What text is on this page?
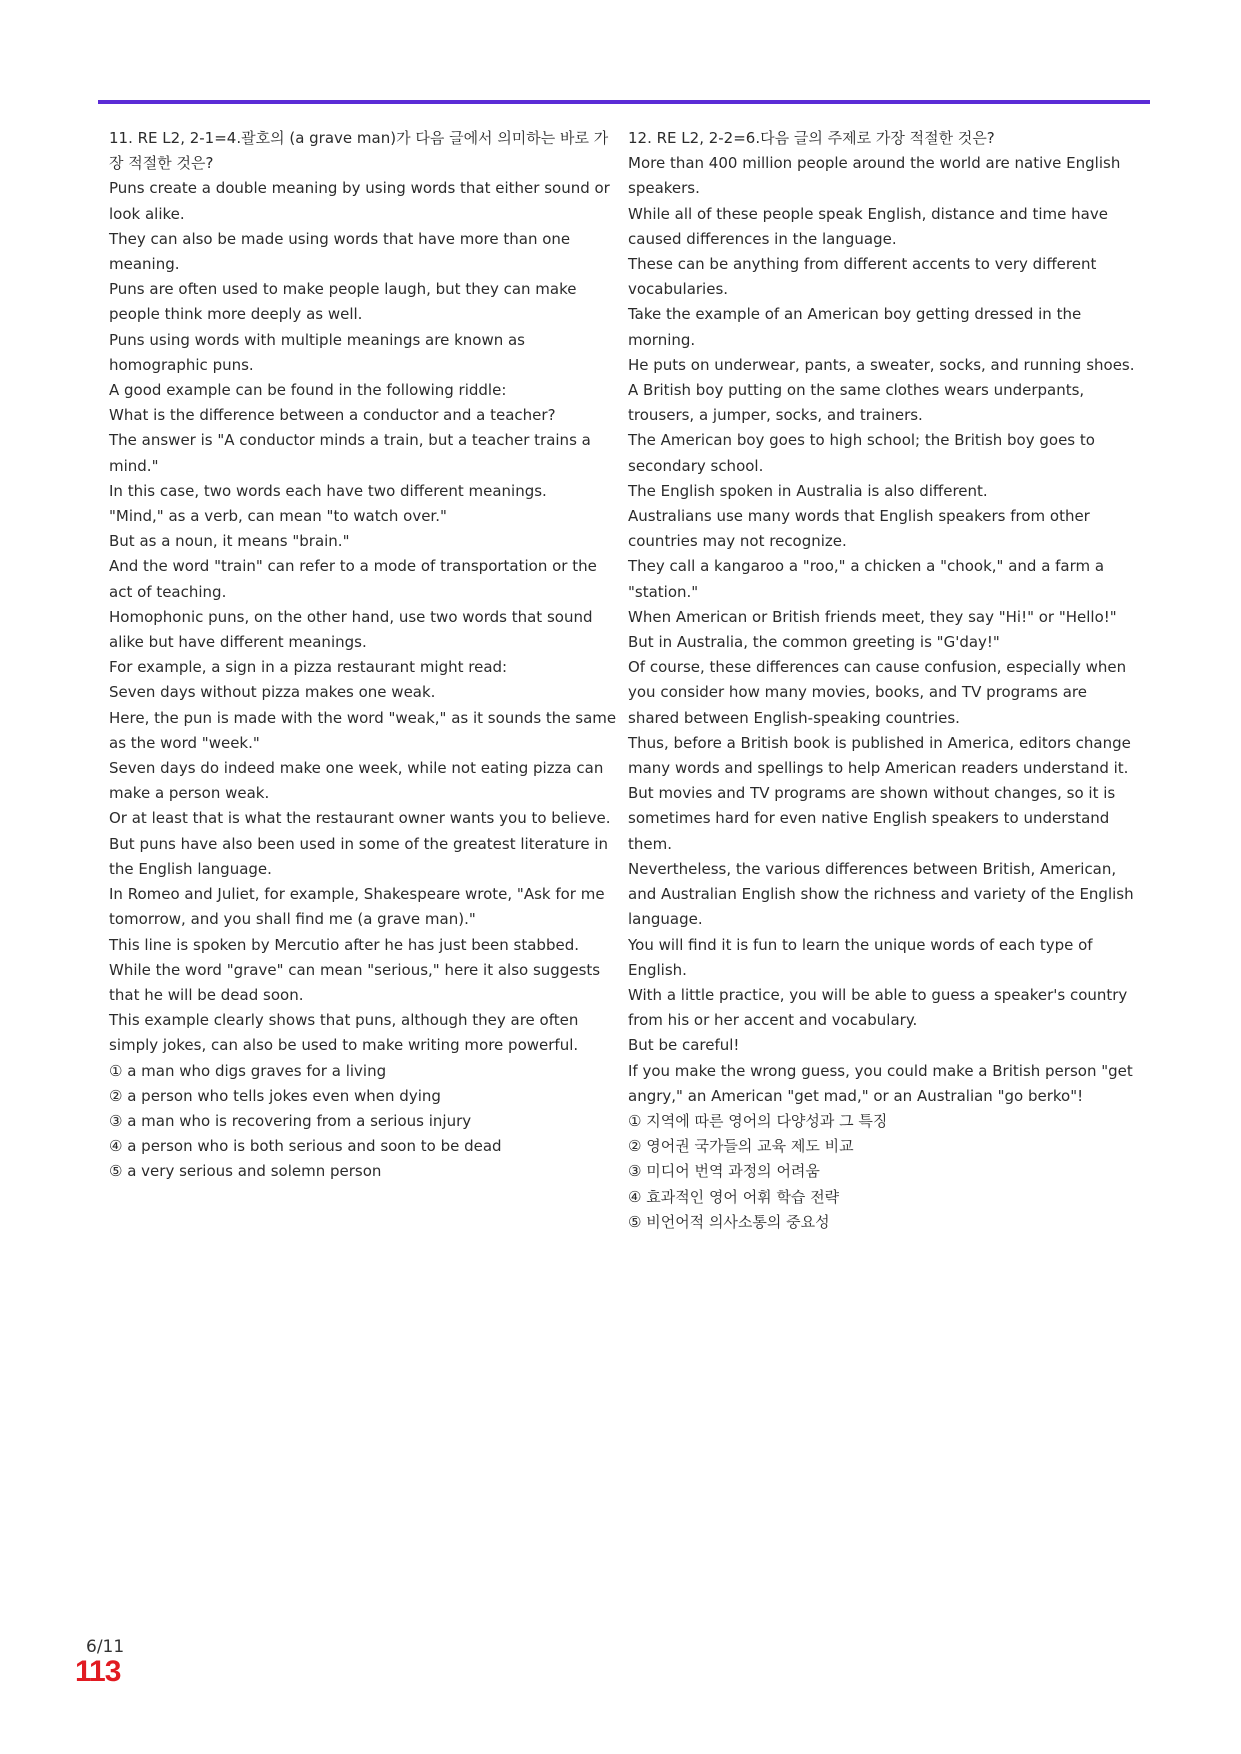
11. RE L2, 2-1=4.괄호의 (a grave man)가 다음 글에서 의미하는 바로 가장 적절한 것은?
Puns create a double meaning by using words that either sound or look alike.
They can also be made using words that have more than one meaning.
Puns are often used to make people laugh, but they can make people think more deeply as well.
Puns using words with multiple meanings are known as homographic puns.
A good example can be found in the following riddle:
What is the difference between a conductor and a teacher?
The answer is "A conductor minds a train, but a teacher trains a mind."
In this case, two words each have two different meanings.
"Mind," as a verb, can mean "to watch over."
But as a noun, it means "brain."
And the word "train" can refer to a mode of transportation or the act of teaching.
Homophonic puns, on the other hand, use two words that sound alike but have different meanings.
For example, a sign in a pizza restaurant might read:
Seven days without pizza makes one weak.
Here, the pun is made with the word "weak," as it sounds the same as the word "week."
Seven days do indeed make one week, while not eating pizza can make a person weak.
Or at least that is what the restaurant owner wants you to believe.
But puns have also been used in some of the greatest literature in the English language.
In Romeo and Juliet, for example, Shakespeare wrote, "Ask for me tomorrow, and you shall find me (a grave man)."
This line is spoken by Mercutio after he has just been stabbed.
While the word "grave" can mean "serious," here it also suggests that he will be dead soon.
This example clearly shows that puns, although they are often simply jokes, can also be used to make writing more powerful.
① a man who digs graves for a living
② a person who tells jokes even when dying
③ a man who is recovering from a serious injury
④ a person who is both serious and soon to be dead
⑤ a very serious and solemn person
12. RE L2, 2-2=6.다음 글의 주제로 가장 적절한 것은?
More than 400 million people around the world are native English speakers.
While all of these people speak English, distance and time have caused differences in the language.
These can be anything from different accents to very different vocabularies.
Take the example of an American boy getting dressed in the morning.
He puts on underwear, pants, a sweater, socks, and running shoes.
A British boy putting on the same clothes wears underpants, trousers, a jumper, socks, and trainers.
The American boy goes to high school; the British boy goes to secondary school.
The English spoken in Australia is also different.
Australians use many words that English speakers from other countries may not recognize.
They call a kangaroo a "roo," a chicken a "chook," and a farm a "station."
When American or British friends meet, they say "Hi!" or "Hello!"
But in Australia, the common greeting is "G'day!"
Of course, these differences can cause confusion, especially when you consider how many movies, books, and TV programs are shared between English-speaking countries.
Thus, before a British book is published in America, editors change many words and spellings to help American readers understand it.
But movies and TV programs are shown without changes, so it is sometimes hard for even native English speakers to understand them.
Nevertheless, the various differences between British, American, and Australian English show the richness and variety of the English language.
You will find it is fun to learn the unique words of each type of English.
With a little practice, you will be able to guess a speaker's country from his or her accent and vocabulary.
But be careful!
If you make the wrong guess, you could make a British person "get angry," an American "get mad," or an Australian "go berko"!
① 지역에 따른 영어의 다양성과 그 특징
② 영어권 국가들의 교육 제도 비교
③ 미디어 번역 과정의 어려움
④ 효과적인 영어 어휘 학습 전략
⑤ 비언어적 의사소통의 중요성
6/11
113
